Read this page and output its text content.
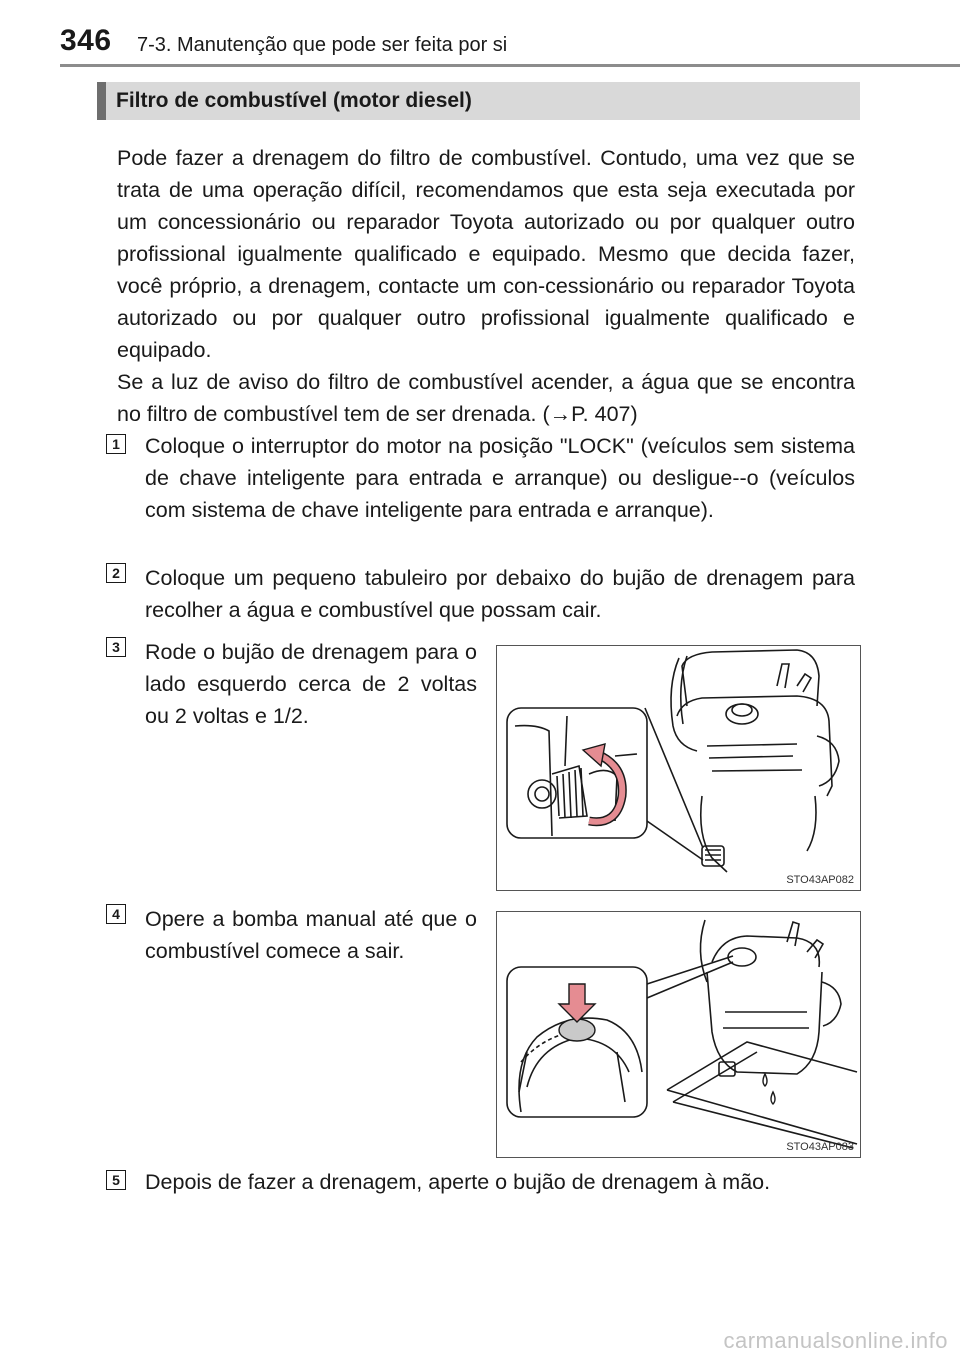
346 7-3. Manutenção que pode ser feita por si
Filtro de combustível (motor diesel)

Pode fazer a drenagem do filtro de combustível. Contudo, uma vez que se trata de uma operação difícil, recomendamos que esta seja executada por um concessionário ou reparador Toyota autorizado ou por qualquer outro profissional igualmente qualificado e equipado. Mesmo que decida fazer, você próprio, a drenagem, contacte um con-cessionário ou reparador Toyota autorizado ou por qualquer outro profissional igualmente qualificado e equipado.

Se a luz de aviso do filtro de combustível acender, a água que se encontra no filtro de combustível tem de ser drenada. (→P. 407)

1 Coloque o interruptor do motor na posição "LOCK" (veículos sem sistema de chave inteligente para entrada e arranque) ou desligue--o (veículos com sistema de chave inteligente para entrada e arranque).

2 Coloque um pequeno tabuleiro por debaixo do bujão de drenagem para recolher a água e combustível que possam cair.

3 Rode o bujão de drenagem para o lado esquerdo cerca de 2 voltas ou 2 voltas e 1/2.

STO43AP082
4 Opere a bomba manual até que o combustível comece a sair.

STO43AP083
5 Depois de fazer a drenagem, aperte o bujão de drenagem à mão.

carmanualsonline.info
